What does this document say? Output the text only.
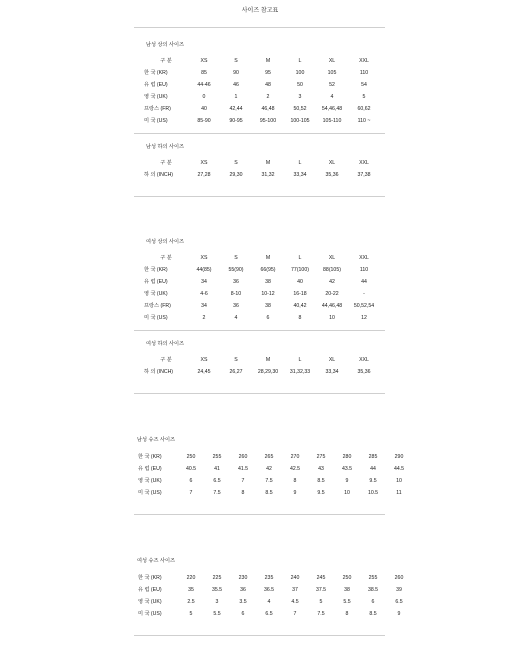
사이즈 참고표
남성 상의 사이즈
구 분	XS	S	M	L	XL	XXL
한 국 (KR)	85	90	95	100	105	110
유 럽 (EU)	44-46	46	48	50	52	54
영 국 (UK)	0	1	2	3	4	5
프랑스 (FR)	40	42,44	46,48	50,52	54,46,48	60,62
미 국 (US)	85-90	90-95	95-100	100-105	105-110	110 ~
남성 하의 사이즈
구 분	XS	S	M	L	XL	XXL
하 의 (INCH)	27,28	29,30	31,32	33,34	35,36	37,38
여성 상의 사이즈
구 분	XS	S	M	L	XL	XXL
한 국 (KR)	44(85)	55(90)	66(95)	77(100)	88(105)	110
유 럽 (EU)	34	36	38	40	42	44
영 국 (UK)	4-6	8-10	10-12	16-18	20-22	-
프랑스 (FR)	34	36	38	40,42	44,46,48	50,52,54
미 국 (US)	2	4	6	8	10	12
여성 하의 사이즈
구 분	XS	S	M	L	XL	XXL
하 의 (INCH)	24,45	26,27	28,29,30	31,32,33	33,34	35,36
남성 슈즈 사이즈
한 국 (KR)	250	255	260	265	270	275	280	285	290
유 럽 (EU)	40.5	41	41.5	42	42.5	43	43.5	44	44.5
영 국 (UK)	6	6.5	7	7.5	8	8.5	9	9.5	10
미 국 (US)	7	7.5	8	8.5	9	9.5	10	10.5	11
여성 슈즈 사이즈
한 국 (KR)	220	225	230	235	240	245	250	255	260
유 럽 (EU)	35	35.5	36	36.5	37	37.5	38	38.5	39
영 국 (UK)	2.5	3	3.5	4	4.5	5	5.5	6	6.5
미 국 (US)	5	5.5	6	6.5	7	7.5	8	8.5	9
